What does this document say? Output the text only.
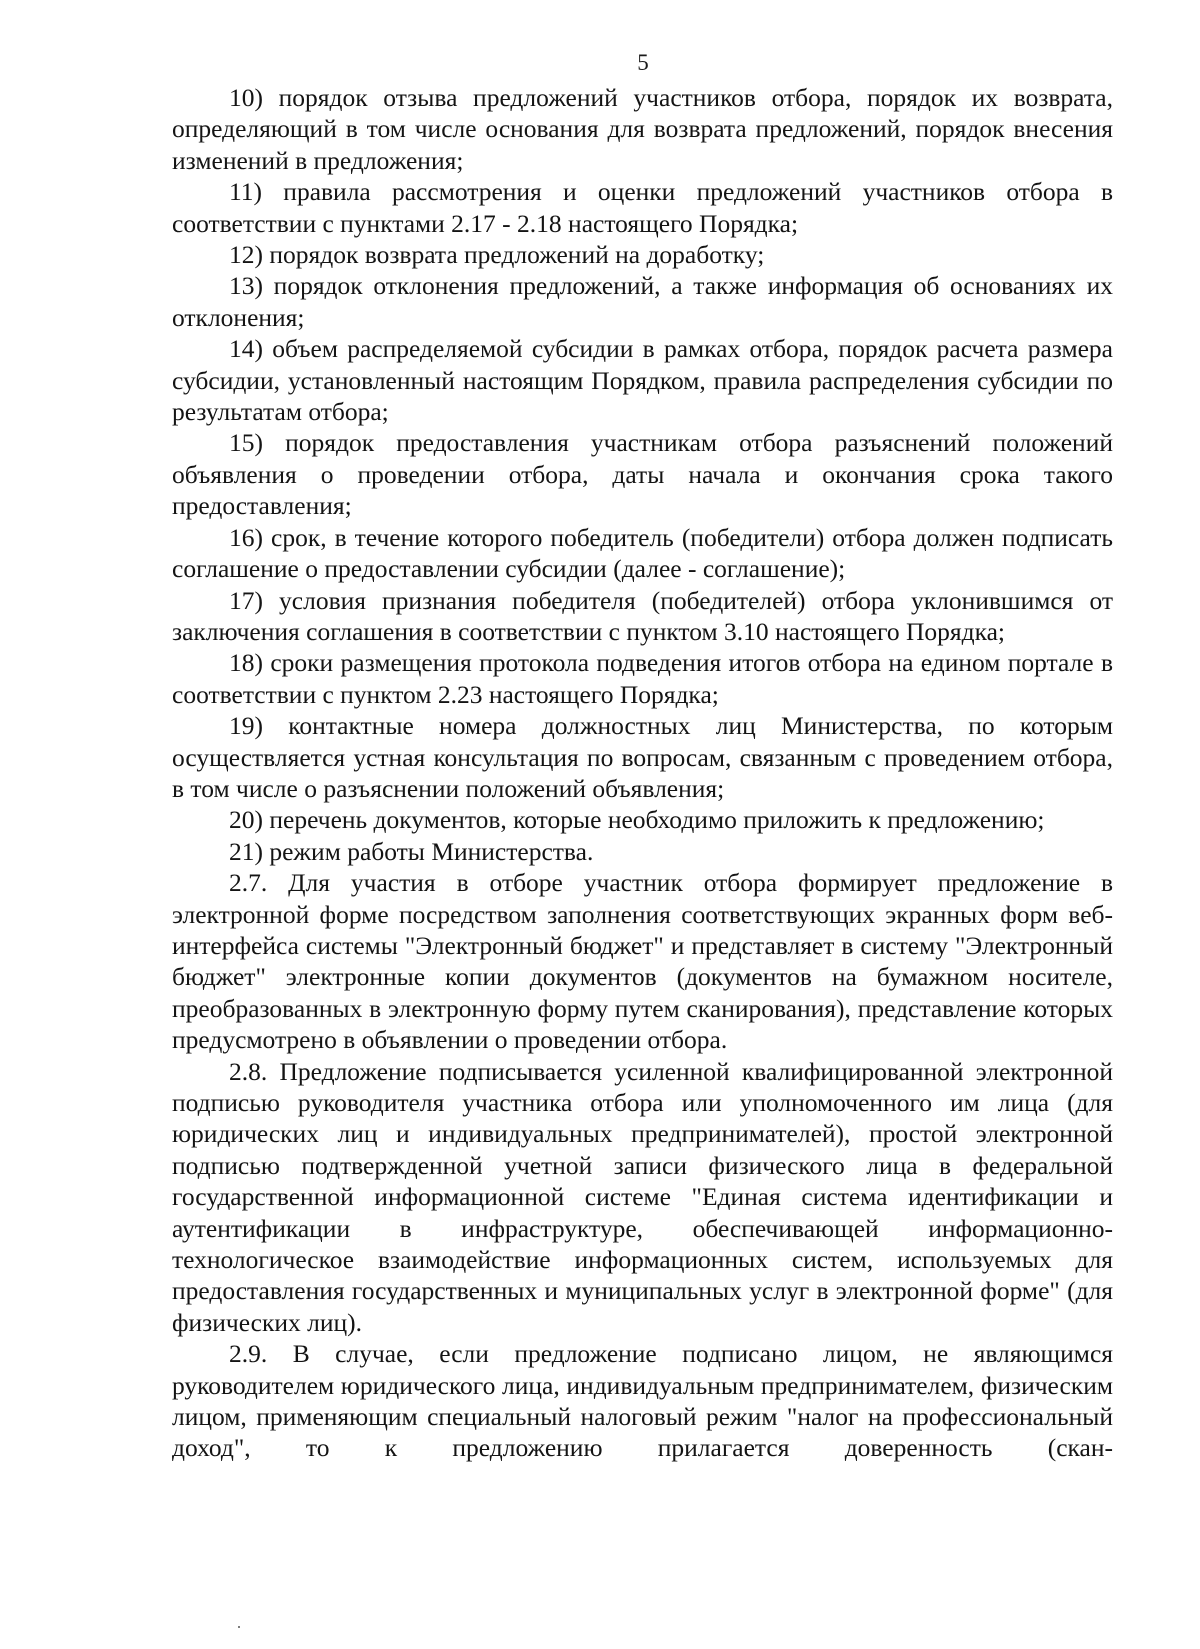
5

10) порядок отзыва предложений участников отбора, порядок их возврата, определяющий в том числе основания для возврата предложений, порядок внесения изменений в предложения;

11) правила рассмотрения и оценки предложений участников отбора в соответствии с пунктами 2.17 - 2.18 настоящего Порядка;

12) порядок возврата предложений на доработку;

13) порядок отклонения предложений, а также информация об основаниях их отклонения;

14) объем распределяемой субсидии в рамках отбора, порядок расчета размера субсидии, установленный настоящим Порядком, правила распределения субсидии по результатам отбора;

15) порядок предоставления участникам отбора разъяснений положений объявления о проведении отбора, даты начала и окончания срока такого предоставления;

16) срок, в течение которого победитель (победители) отбора должен подписать соглашение о предоставлении субсидии (далее - соглашение);

17) условия признания победителя (победителей) отбора уклонившимся от заключения соглашения в соответствии с пунктом 3.10 настоящего Порядка;

18) сроки размещения протокола подведения итогов отбора на едином портале в соответствии с пунктом 2.23 настоящего Порядка;

19) контактные номера должностных лиц Министерства, по которым осуществляется устная консультация по вопросам, связанным с проведением отбора, в том числе о разъяснении положений объявления;

20) перечень документов, которые необходимо приложить к предложению;

21) режим работы Министерства.

2.7. Для участия в отборе участник отбора формирует предложение в электронной форме посредством заполнения соответствующих экранных форм веб-интерфейса системы "Электронный бюджет" и представляет в систему "Электронный бюджет" электронные копии документов (документов на бумажном носителе, преобразованных в электронную форму путем сканирования), представление которых предусмотрено в объявлении о проведении отбора.

2.8. Предложение подписывается усиленной квалифицированной электронной подписью руководителя участника отбора или уполномоченного им лица (для юридических лиц и индивидуальных предпринимателей), простой электронной подписью подтвержденной учетной записи физического лица в федеральной государственной информационной системе "Единая система идентификации и аутентификации в инфраструктуре, обеспечивающей информационно-технологическое взаимодействие информационных систем, используемых для предоставления государственных и муниципальных услуг в электронной форме" (для физических лиц).

2.9. В случае, если предложение подписано лицом, не являющимся руководителем юридического лица, индивидуальным предпринимателем, физическим лицом, применяющим специальный налоговый режим "налог на профессиональный доход", то к предложению прилагается доверенность (скан-
